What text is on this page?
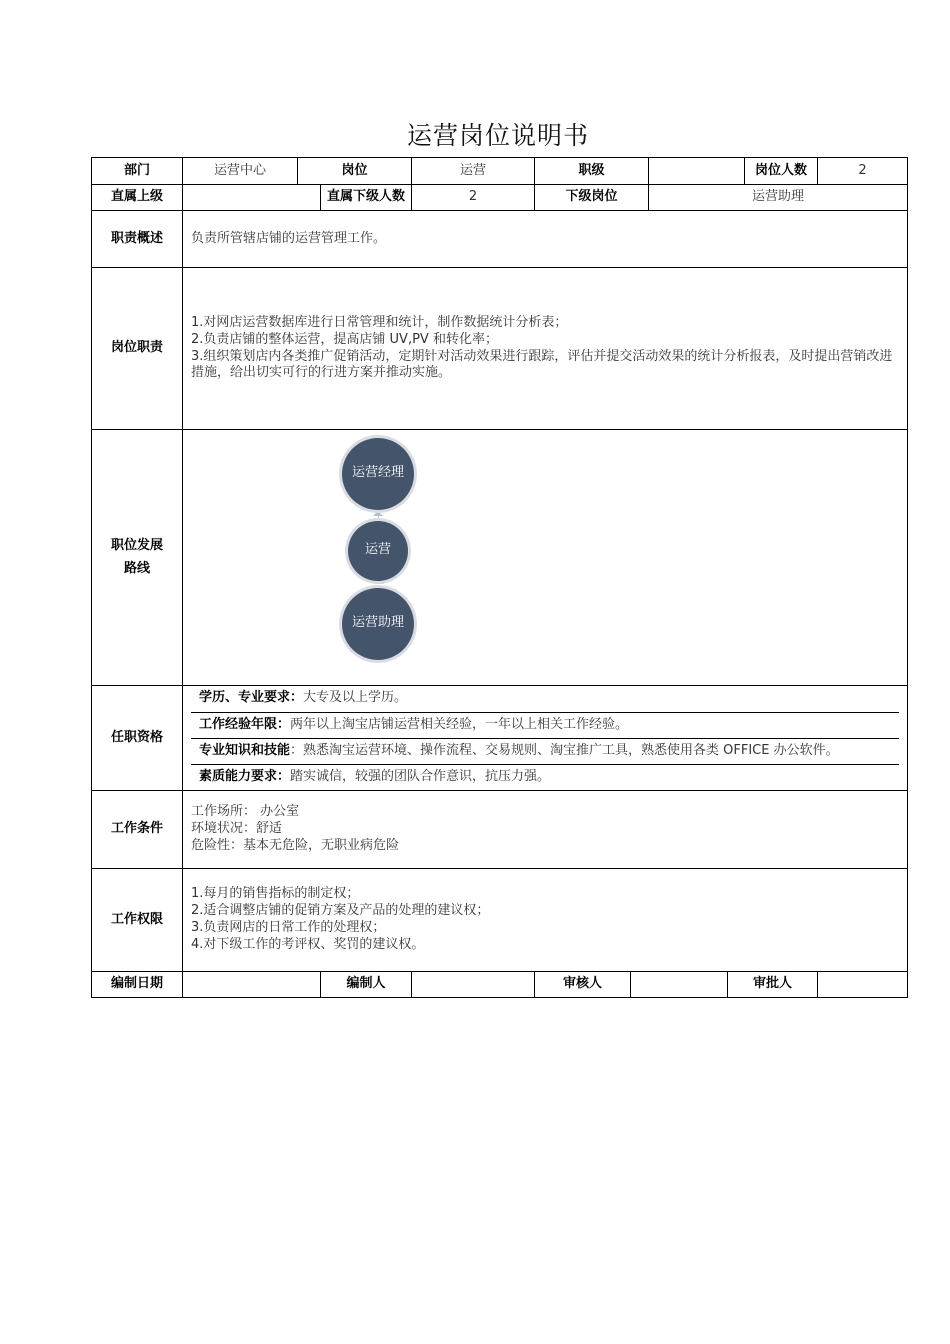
运营岗位说明书
部门	运营中心	岗位	运营	职级		岗位人数	2
直属上级		直属下级人数	2	下级岗位	运营助理
职责概述	负责所管辖店铺的运营管理工作。
岗位职责	
1.对网店运营数据库进行日常管理和统计，制作数据统计分析表；
2.负责店铺的整体运营，提高店铺 UV,PV 和转化率；
3.组织策划店内各类推广促销活动，定期针对活动效果进行跟踪，评估并提交活动效果的统计分析报表，及时提出营销改进措施，给出切实可行的行进方案并推动实施。

职位发展
路线

运营经理
运营
运营助理

任职资格	
学历、专业要求：大专及以上学历。
工作经验年限：两年以上淘宝店铺运营相关经验，一年以上相关工作经验。
专业知识和技能：熟悉淘宝运营环境、操作流程、交易规则、淘宝推广工具，熟悉使用各类 OFFICE 办公软件。
素质能力要求：踏实诚信，较强的团队合作意识，抗压力强。

工作条件	
工作场所： 办公室
环境状况：舒适
危险性：基本无危险，无职业病危险

工作权限	
1.每月的销售指标的制定权；
2.适合调整店铺的促销方案及产品的处理的建议权；
3.负责网店的日常工作的处理权；
4.对下级工作的考评权、奖罚的建议权。

编制日期		编制人		审核人		审批人	
